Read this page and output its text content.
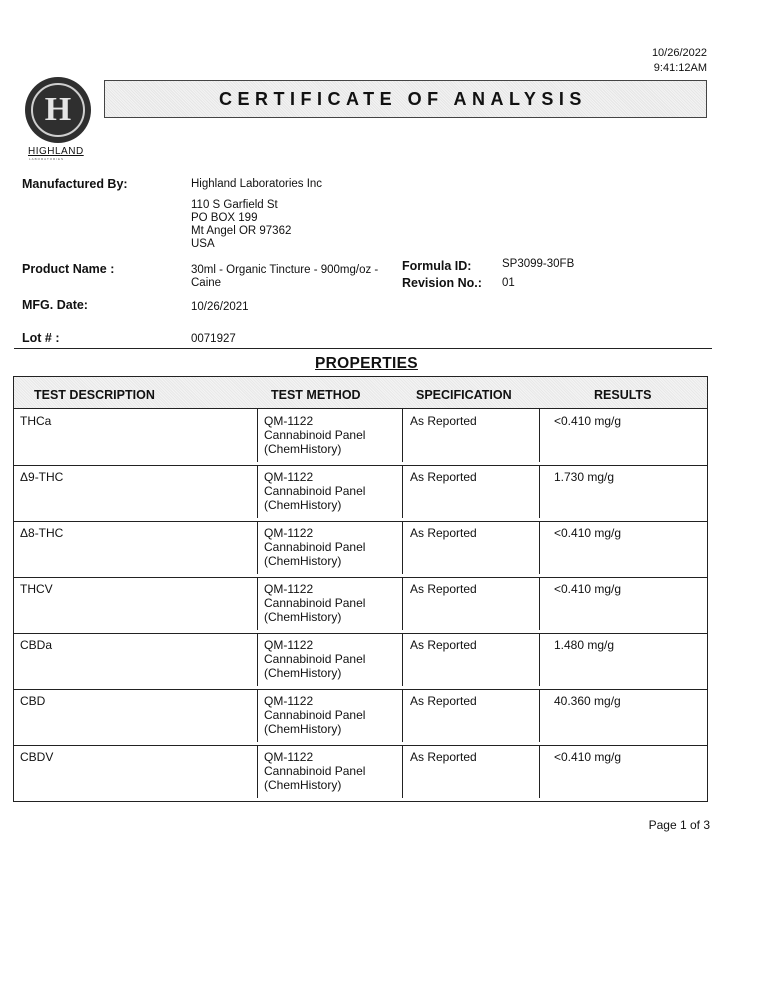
10/26/2022
9:41:12AM
H
HIGHLAND
LABORATORIES
CERTIFICATE OF ANALYSIS
Manufactured By:	Highland Laboratories Inc
110 S Garfield St
PO BOX 199
Mt Angel OR 97362
USA
Product Name :	30ml - Organic Tincture - 900mg/oz -
Caine
Formula ID:	SP3099-30FB
Revision No.: 01
MFG. Date:	10/26/2021
Lot # :	0071927
PROPERTIES
TEST DESCRIPTION	TEST METHOD	SPECIFICATION	RESULTS
THCa	QM-1122
Cannabinoid Panel
(ChemHistory)
As Reported	<0.410 mg/g
Δ9-THC	QM-1122
Cannabinoid Panel
(ChemHistory)
As Reported	1.730 mg/g
Δ8-THC	QM-1122
Cannabinoid Panel
(ChemHistory)
As Reported	<0.410 mg/g
THCV	QM-1122
Cannabinoid Panel
(ChemHistory)
As Reported	<0.410 mg/g
CBDa	QM-1122
Cannabinoid Panel
(ChemHistory)
As Reported	1.480 mg/g
CBD	QM-1122
Cannabinoid Panel
(ChemHistory)
As Reported	40.360 mg/g
CBDV	QM-1122
Cannabinoid Panel
(ChemHistory)
As Reported	<0.410 mg/g
Page 1 of 3
